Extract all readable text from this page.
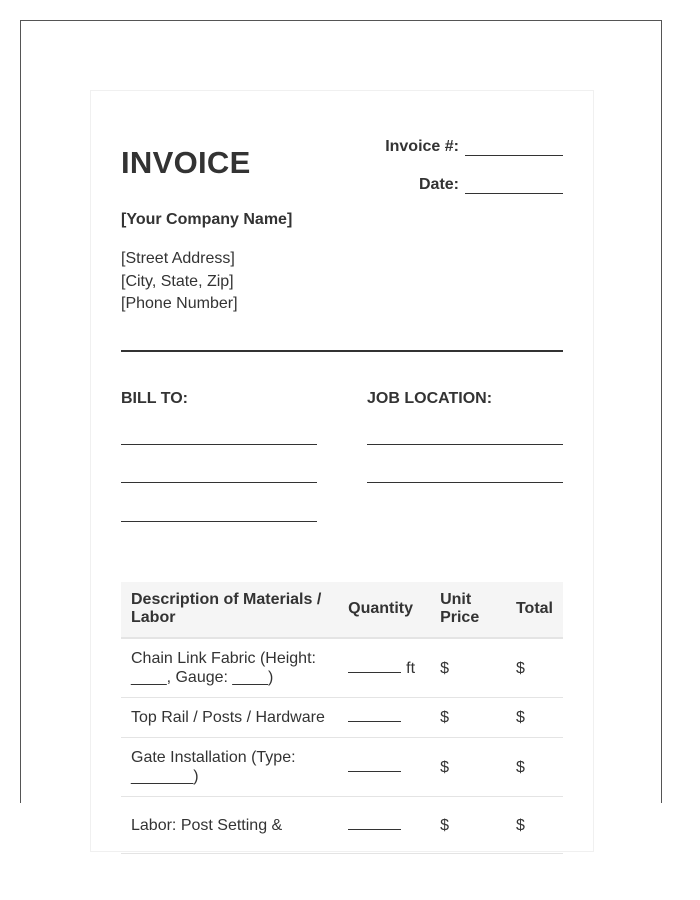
INVOICE	Invoice #:
Date:
[Your Company Name]
[Street Address]
[City, State, Zip]
[Phone Number]
BILL TO:	JOB LOCATION:
Description of Materials / Labor	Quantity	Unit Price	Total
Chain Link Fabric (Height: ____, Gauge: ____)	ft	$	$
Top Rail / Posts / Hardware		$	$
Gate Installation (Type: _______)		$	$
Labor: Post Setting &		$	$
